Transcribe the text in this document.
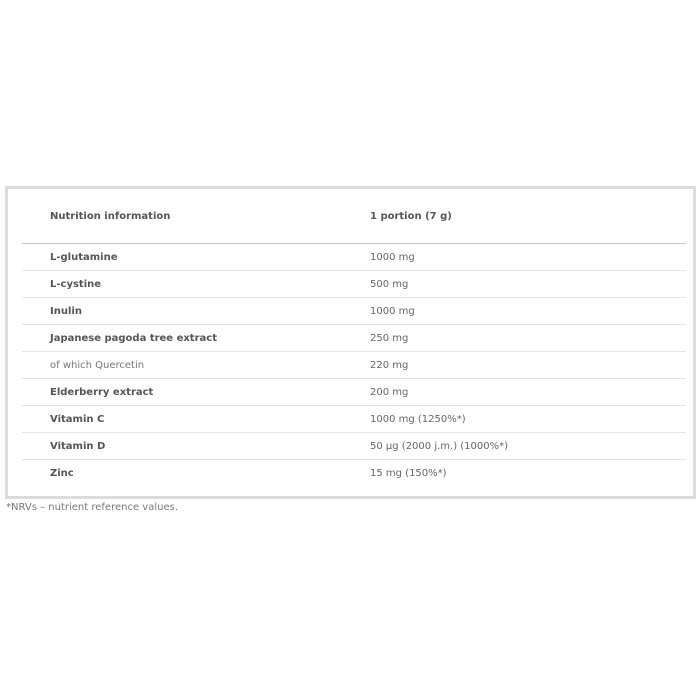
Nutrition information	1 portion (7 g)
L-glutamine	1000 mg
L-cystine	500 mg
Inulin	1000 mg
Japanese pagoda tree extract	250 mg
of which Quercetin	220 mg
Elderberry extract	200 mg
Vitamin C	1000 mg (1250%*)
Vitamin D	50 µg (2000 j.m.) (1000%*)
Zinc	15 mg (150%*)
*NRVs – nutrient reference values.
